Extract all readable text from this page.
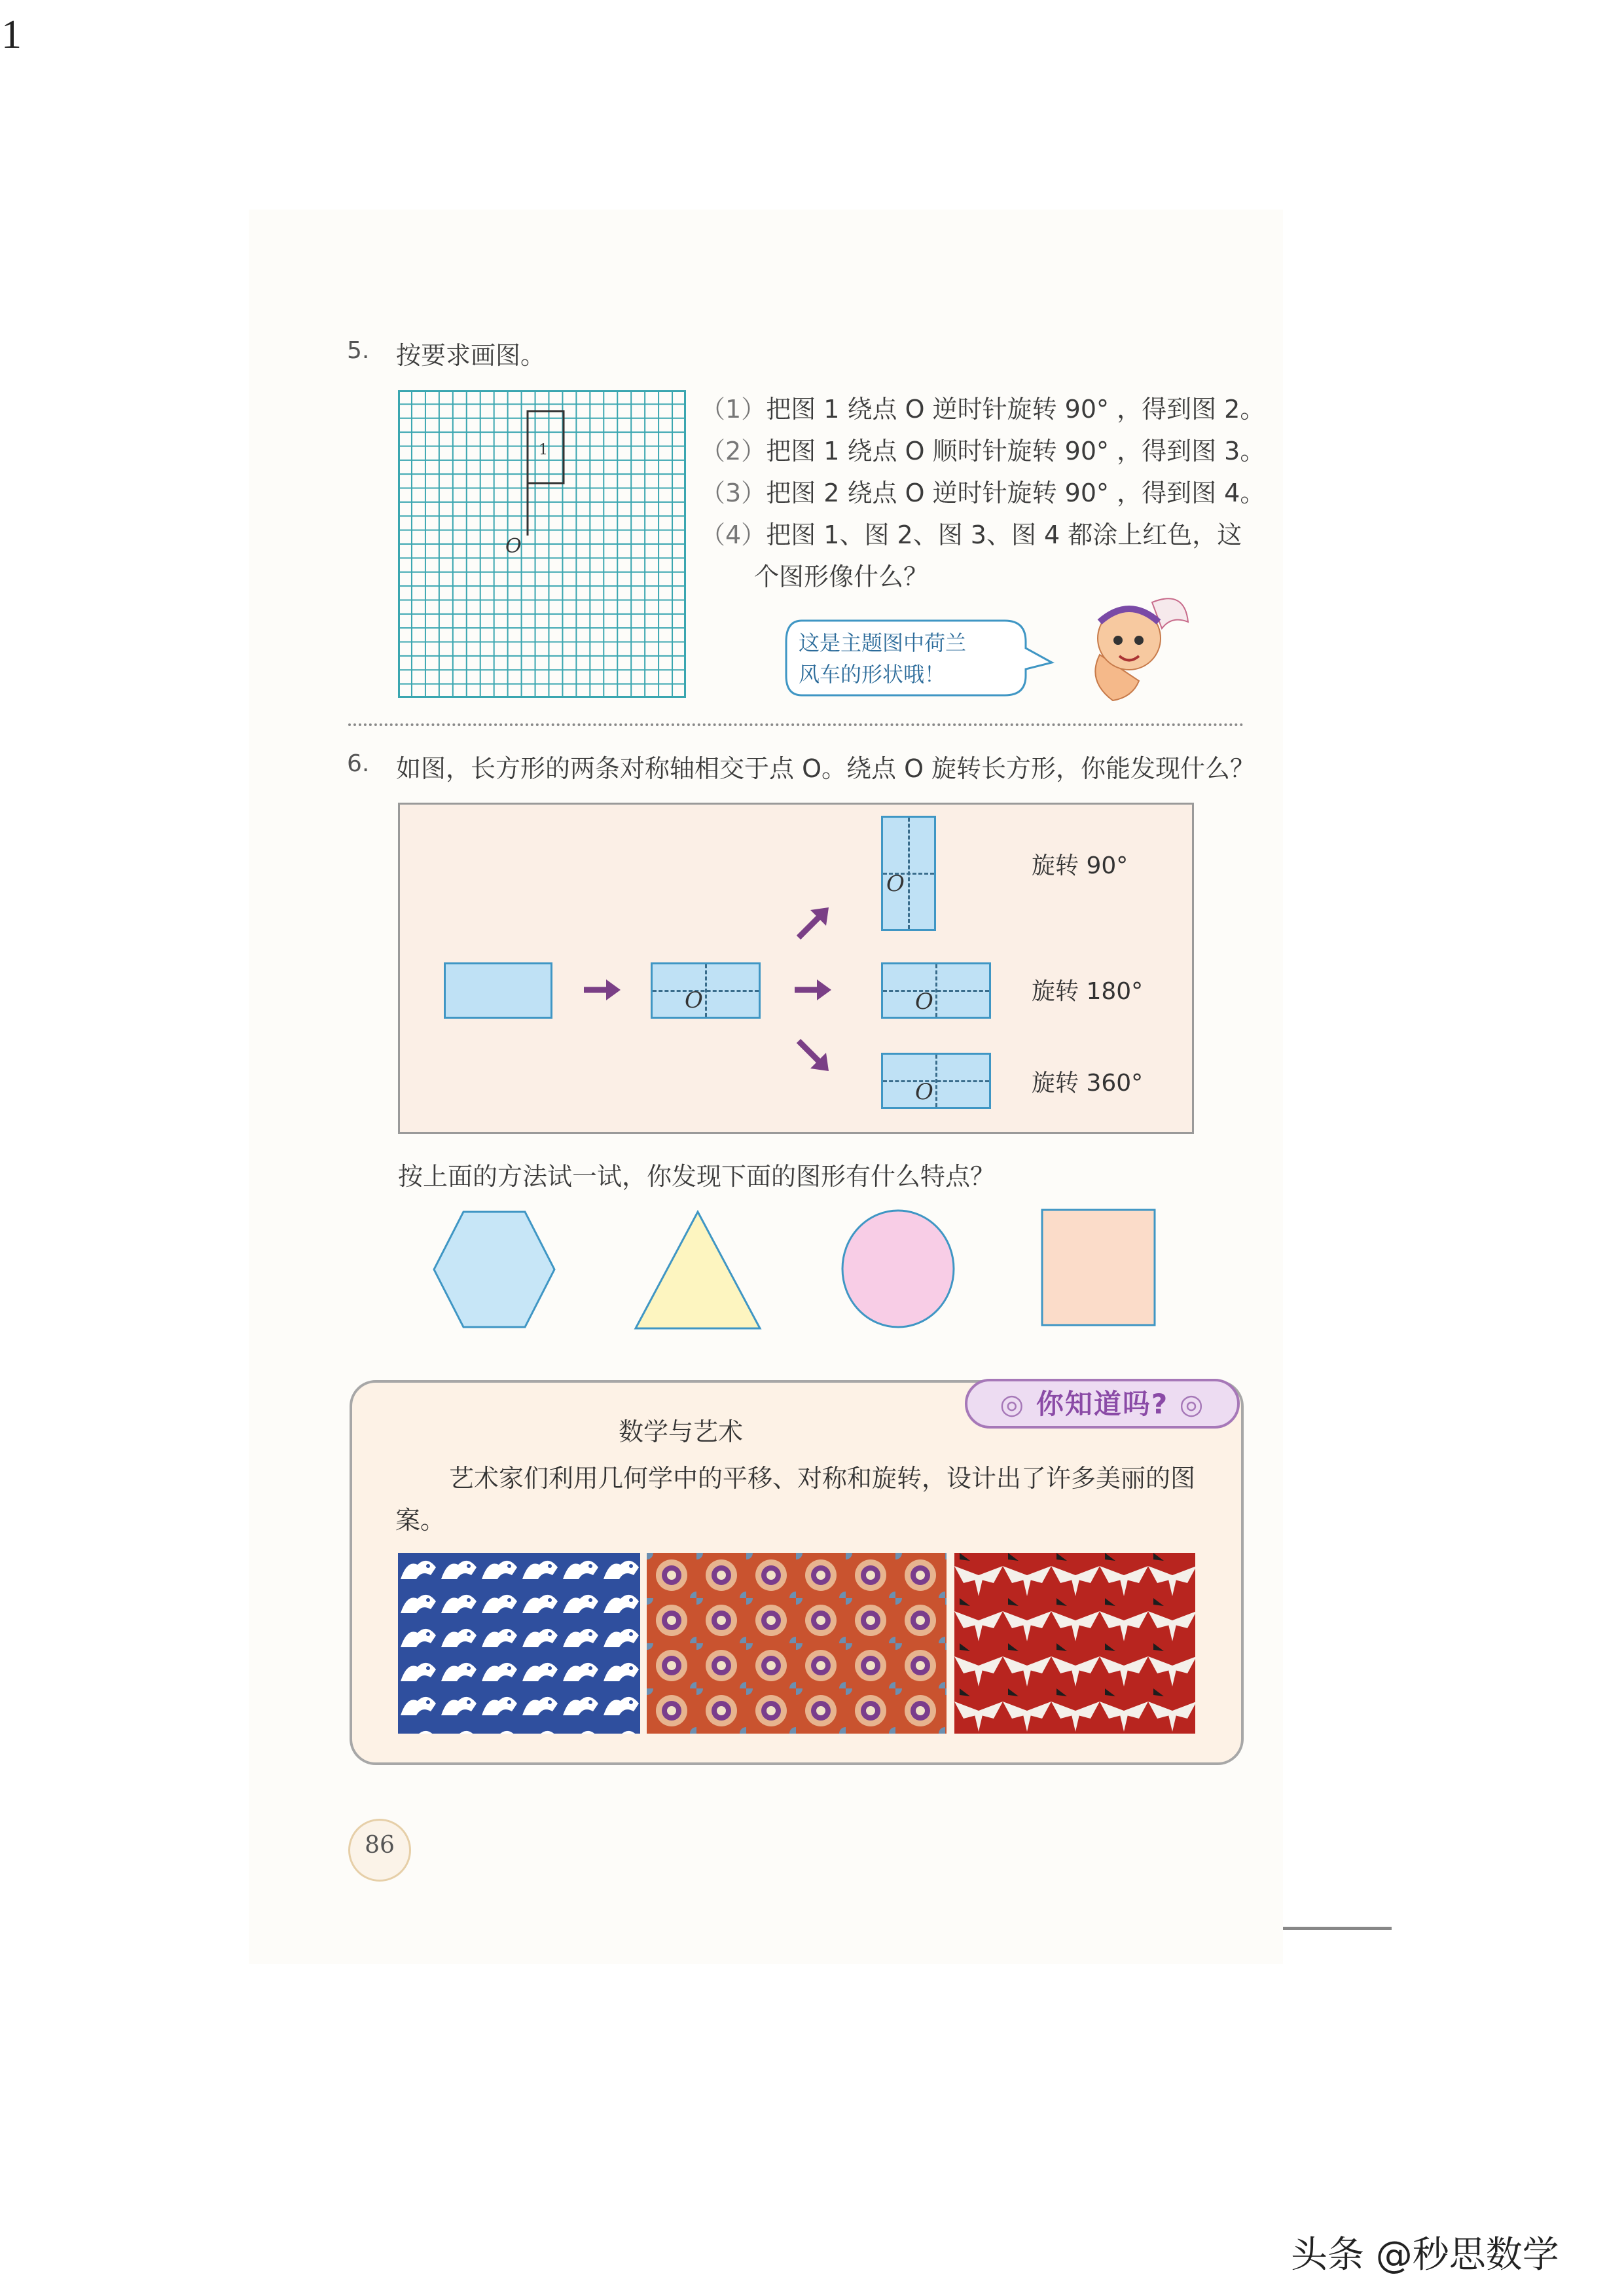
1
5. 按要求画图。
1
O
（1）把图 1 绕点 O 逆时针旋转 90° ，得到图 2。
（2）把图 1 绕点 O 顺时针旋转 90° ，得到图 3。
（3）把图 2 绕点 O 逆时针旋转 90° ，得到图 4。
（4）把图 1、图 2、图 3、图 4 都涂上红色，这
个图形像什么？
这是主题图中荷兰
风车的形状哦！
6. 如图，长方形的两条对称轴相交于点 O。绕点 O 旋转长方形，你能发现什么？
O
O
旋转 90°
O	旋转 180°
O	旋转 360°
按上面的方法试一试，你发现下面的图形有什么特点？
◎ 你知道吗? ◎
数学与艺术
艺术家们利用几何学中的平移、对称和旋转，设计出了许多美丽的图案。
86
头条 @秒思数学
